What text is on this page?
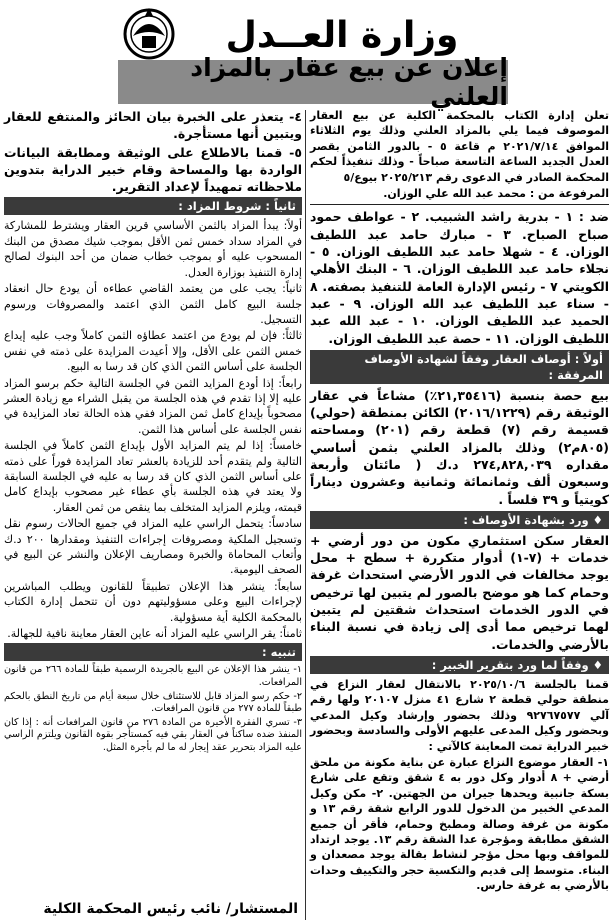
وزارة العــدل
إعلان عن بيع عقار بالمزاد العلني

تعلن إدارة الكتاب بالمحكمة الكلية عن بيع العقار الموصوف فيما يلي بالمزاد العلني وذلك يوم الثلاثاء الموافق ٢٠٢١/٧/١٤ م قاعة ٥ - بالدور الثامن بقصر العدل الجديد الساعة التاسعة صباحاً - وذلك تنفيذاً لحكم المحكمة الصادر في الدعوى رقم ٢٠٢٥/٢١٣ بيوع/٥

المرفوعة من : محمد عبد الله علي الوزان.

ضد : ١ - بدرية راشد الشبيب. ٢ - عواطف حمود صباح الصباح. ٣ - مبارك حامد عبد اللطيف الوزان. ٤ - شهلا حامد عبد اللطيف الوزان. ٥ - نجلاء حامد عبد اللطيف الوزان. ٦ - البنك الأهلي الكويتي ٧ - رئيس الإدارة العامة للتنفيذ بصفته. ٨ - سناء عبد اللطيف عبد الله الوزان. ٩ - عبد الحميد عبد اللطيف الوزان. ١٠ - عبد الله عبد اللطيف الوزان. ١١ - حصة عبد اللطيف الوزان.

أولاً : أوصاف العقار وفقاً لشهادة الأوصاف المرفقة :

بيع حصة بنسبة (٢١,٣٥٤١٦٪) مشاعاً في عقار الوثيقة رقم (٢٠١٦/١٢٢٩) الكائن بمنطقة (حولي) قسيمة رقم (٧) قطعة رقم (٢٠١) ومساحته (٨٠٥م٢) وذلك بالمزاد العلني بثمن أساسي مقداره ٢٧٤,٨٢٨,٠٣٩ د.ك ( مائتان وأربعة وسبعون ألف وثمانمائة وثمانية وعشرون ديناراً كويتياً و ٣٩ فلساً .

♦ ورد بشهادة الأوصاف :

العقار سكن استثماري مكون من دور أرضي + خدمات + (٧-١) أدوار متكررة + سطح + محل يوجد مخالفات في الدور الأرضي استحداث غرفة وحمام كما هو موضح بالصور لم يتبين لها ترخيص في الدور الخدمات استحداث شقتين لم يتبين لهما ترخيص مما أدى إلى زيادة في نسبة البناء بالأرضي والخدمات.

♦ وفقاً لما ورد بتقرير الخبير :

قمنا بالجلسة ٢٠٢٥/١٠/٦ بالانتقال لعقار النزاع في منطقة حولي قطعة ٢ شارع ٤١ منزل ٢٠١٠٧ ولها رقم آلي ٩٢٧٦٧٥٧٧ وذلك بحضور وإرشاد وكيل المدعي وبحضور وكيل المدعى عليهم الأولى والسادسة وبحضور خبير الدراية تمت المعاينة كالآتي :

١- العقار موضوع النزاع عبارة عن بناية مكونة من ملحق أرضي + ٨ أدوار وكل دور به ٤ شقق وتقع على شارع بسكة جانبية ويحدها جيران من الجهتين. ٢- مكن وكيل المدعي الخبير من الدخول للدور الرابع شقة رقم ١٣ و مكونة من غرفة وصالة ومطبخ وحمام، فأقر أن جميع الشقق مطابقة ومؤجرة عدا الشقة رقم ١٣. يوجد ارتداد للمواقف وبها محل مؤجر لنشاط بقالة يوجد مصعدان و البناء. متوسط إلى قديم والتكسية حجر والتكييف وحدات بالأرضي به غرفة حارس.

٤- يتعذر على الخبرة بيان الحائز والمنتفع للعقار ويتبين أنها مستأجرة.

٥- قمنا بالاطلاع على الوثيقة ومطابقة البيانات الواردة بها والمساحة وقام خبير الدراية بتدوين ملاحظاته تمهيداً لإعداد التقرير.

ثانياً : شروط المزاد :

أولاً: يبدأ المزاد بالثمن الأساسي قرين العقار ويشترط للمشاركة في المزاد سداد خمس ثمن الأقل بموجب شيك مصدق من البنك المسحوب عليه أو بموجب خطاب ضمان من أحد البنوك لصالح إدارة التنفيذ بوزارة العدل.

ثانياً: يجب على من يعتمد القاضي عطاءه أن يودع حال انعقاد جلسة البيع كامل الثمن الذي اعتمد والمصروفات ورسوم التسجيل.

ثالثاً: فإن لم يودع من اعتمد عطاؤه الثمن كاملاً وجب عليه إيداع خمس الثمن على الأقل، وإلا أعيدت المزايدة على ذمته في نفس الجلسة على أساس الثمن الذي كان قد رسا به البيع.

رابعاً: إذا أودع المزايد الثمن في الجلسة التالية حكم برسو المزاد عليه إلا إذا تقدم في هذه الجلسة من يقبل الشراء مع زيادة العشر مصحوباً بإيداع كامل ثمن المزاد ففي هذه الحالة تعاد المزايدة في نفس الجلسة على أساس هذا الثمن.

خامساً: إذا لم يتم المزايد الأول بإيداع الثمن كاملاً في الجلسة التالية ولم يتقدم أحد للزيادة بالعشر تعاد المزايدة فوراً على ذمته على أساس الثمن الذي كان قد رسا به عليه في الجلسة السابقة ولا يعتد في هذه الجلسة بأي عطاء غير مصحوب بإيداع كامل قيمته، ويلزم المزايد المتخلف بما ينقص من ثمن العقار.

سادساً: يتحمل الراسي عليه المزاد في جميع الحالات رسوم نقل وتسجيل الملكية ومصروفات إجراءات التنفيذ ومقدارها ٢٠٠ د.ك وأتعاب المحاماة والخبرة ومصاريف الإعلان والنشر عن البيع في الصحف اليومية.

سابعاً: ينشر هذا الإعلان تطبيقاً للقانون ويطلب المباشرين لإجراءات البيع وعلى مسؤوليتهم دون أن تتحمل إدارة الكتاب بالمحكمة الكلية أية مسؤولية.

ثامناً: يقر الراسي عليه المزاد أنه عاين العقار معاينة نافية للجهالة.

تنبيه :

١- ينشر هذا الإعلان عن البيع بالجريدة الرسمية طبقاً للمادة ٢٦٦ من قانون المرافعات.

٢- حكم رسو المزاد قابل للاستئناف خلال سبعة أيام من تاريخ النطق بالحكم طبقاً للمادة ٢٧٧ من قانون المرافعات.

٣- تسري الفقرة الأخيرة من المادة ٢٧٦ من قانون المرافعات أنه : إذا كان المنفذ ضده ساكناً في العقار بقي فيه كمستأجر بقوة القانون ويلتزم الراسي عليه المزاد بتحرير عقد إيجار له ما لم بأجرة المثل.

المستشار/ نائب رئيس المحكمة الكلية
